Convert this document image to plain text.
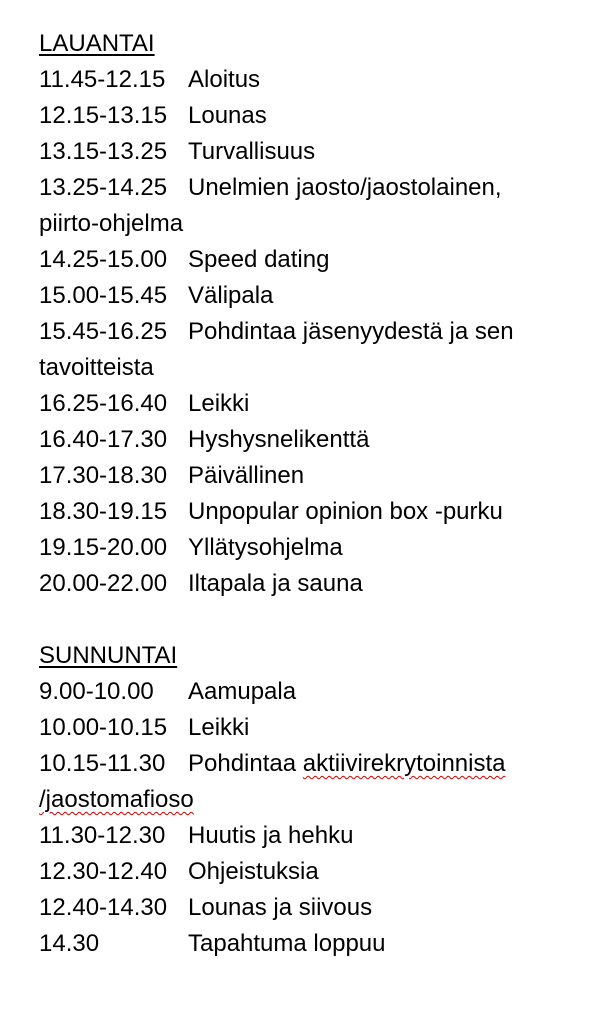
LAUANTAI
11.45-12.15 Aloitus
12.15-13.15 Lounas
13.15-13.25 Turvallisuus
13.25-14.25 Unelmien jaosto/jaostolainen,
piirto-ohjelma
14.25-15.00 Speed dating
15.00-15.45 Välipala
15.45-16.25 Pohdintaa jäsenyydestä ja sen
tavoitteista
16.25-16.40 Leikki
16.40-17.30 Hyshysnelikenttä
17.30-18.30 Päivällinen
18.30-19.15 Unpopular opinion box -purku
19.15-20.00 Yllätysohjelma
20.00-22.00 Iltapala ja sauna
SUNNUNTAI
9.00-10.00	Aamupala
10.00-10.15 Leikki
10.15-11.30 Pohdintaa aktiivirekrytoinnista
/jaostomafioso
11.30-12.30 Huutis ja hehku
12.30-12.40 Ohjeistuksia
12.40-14.30 Lounas ja siivous
14.30	Tapahtuma loppuu
